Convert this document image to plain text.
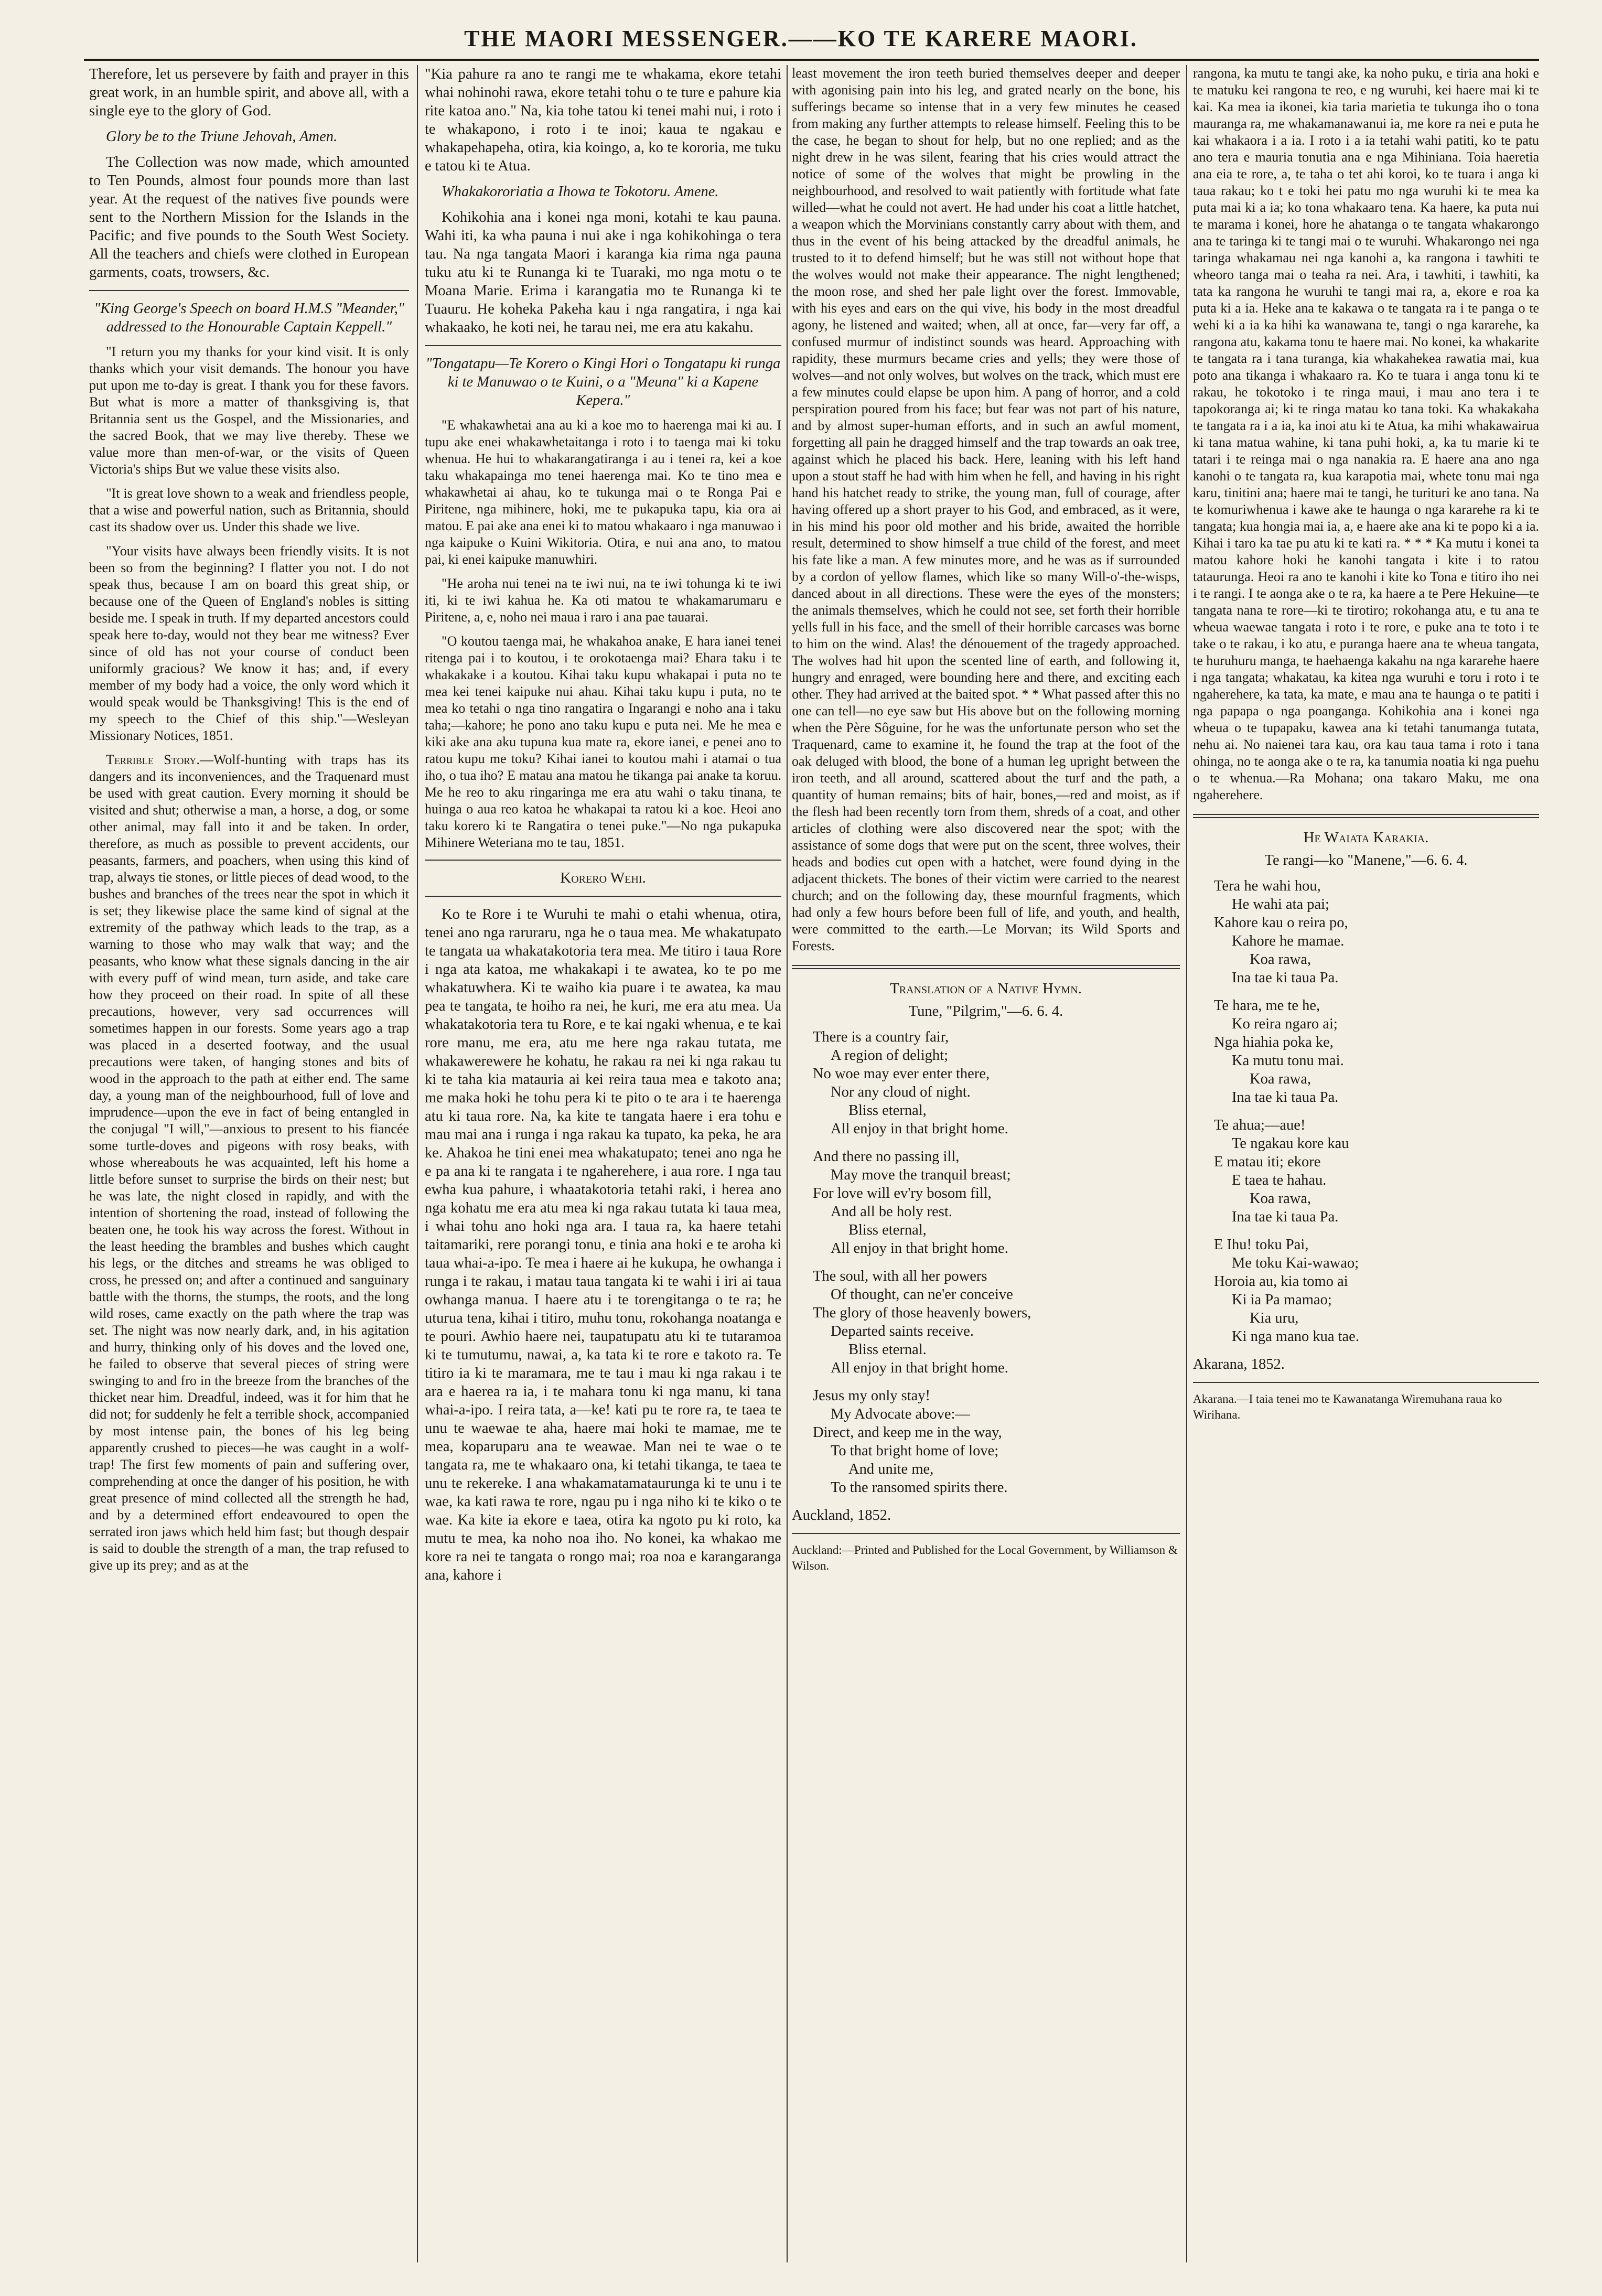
THE MAORI MESSENGER.——KO TE KARERE MAORI.

Therefore, let us persevere by faith and prayer in this great work, in an humble spirit, and above all, with a single eye to the glory of God.

Glory be to the Triune Jehovah, Amen.

The Collection was now made, which amounted to Ten Pounds, almost four pounds more than last year. At the request of the natives five pounds were sent to the Northern Mission for the Islands in the Pacific; and five pounds to the South West Society. All the teachers and chiefs were clothed in European garments, coats, trowsers, &c.

"King George's Speech on board H.M.S "Meander," addressed to the Honourable Captain Keppell."

"I return you my thanks for your kind visit. It is only thanks which your visit demands. The honour you have put upon me to-day is great. I thank you for these favors. But what is more a matter of thanksgiving is, that Britannia sent us the Gospel, and the Missionaries, and the sacred Book, that we may live thereby. These we value more than men-of-war, or the visits of Queen Victoria's ships But we value these visits also.

"It is great love shown to a weak and friendless people, that a wise and powerful nation, such as Britannia, should cast its shadow over us. Under this shade we live.

"Your visits have always been friendly visits. It is not been so from the beginning? I flatter you not. I do not speak thus, because I am on board this great ship, or because one of the Queen of England's nobles is sitting beside me. I speak in truth. If my departed ancestors could speak here to-day, would not they bear me witness? Ever since of old has not your course of conduct been uniformly gracious? We know it has; and, if every member of my body had a voice, the only word which it would speak would be Thanksgiving! This is the end of my speech to the Chief of this ship."—Wesleyan Missionary Notices, 1851.

Terrible Story.—Wolf-hunting with traps has its dangers and its inconveniences, and the Traquenard must be used with great caution. Every morning it should be visited and shut; otherwise a man, a horse, a dog, or some other animal, may fall into it and be taken. In order, therefore, as much as possible to prevent accidents, our peasants, farmers, and poachers, when using this kind of trap, always tie stones, or little pieces of dead wood, to the bushes and branches of the trees near the spot in which it is set; they likewise place the same kind of signal at the extremity of the pathway which leads to the trap, as a warning to those who may walk that way; and the peasants, who know what these signals dancing in the air with every puff of wind mean, turn aside, and take care how they proceed on their road. In spite of all these precautions, however, very sad occurrences will sometimes happen in our forests. Some years ago a trap was placed in a deserted footway, and the usual precautions were taken, of hanging stones and bits of wood in the approach to the path at either end. The same day, a young man of the neighbourhood, full of love and imprudence—upon the eve in fact of being entangled in the conjugal "I will,"—anxious to present to his fiancée some turtle-doves and pigeons with rosy beaks, with whose whereabouts he was acquainted, left his home a little before sunset to surprise the birds on their nest; but he was late, the night closed in rapidly, and with the intention of shortening the road, instead of following the beaten one, he took his way across the forest. Without in the least heeding the brambles and bushes which caught his legs, or the ditches and streams he was obliged to cross, he pressed on; and after a continued and sanguinary battle with the thorns, the stumps, the roots, and the long wild roses, came exactly on the path where the trap was set. The night was now nearly dark, and, in his agitation and hurry, thinking only of his doves and the loved one, he failed to observe that several pieces of string were swinging to and fro in the breeze from the branches of the thicket near him. Dreadful, indeed, was it for him that he did not; for suddenly he felt a terrible shock, accompanied by most intense pain, the bones of his leg being apparently crushed to pieces—he was caught in a wolf-trap! The first few moments of pain and suffering over, comprehending at once the danger of his position, he with great presence of mind collected all the strength he had, and by a determined effort endeavoured to open the serrated iron jaws which held him fast; but though despair is said to double the strength of a man, the trap refused to give up its prey; and as at the

"Kia pahure ra ano te rangi me te whakama, ekore tetahi whai nohinohi rawa, ekore tetahi tohu o te ture e pahure kia rite katoa ano." Na, kia tohe tatou ki tenei mahi nui, i roto i te whakapono, i roto i te inoi; kaua te ngakau e whakapehapeha, otira, kia koingo, a, ko te kororia, me tuku e tatou ki te Atua.

Whakakororiatia a Ihowa te Tokotoru. Amene.

Kohikohia ana i konei nga moni, kotahi te kau pauna. Wahi iti, ka wha pauna i nui ake i nga kohikohinga o tera tau. Na nga tangata Maori i karanga kia rima nga pauna tuku atu ki te Runanga ki te Tuaraki, mo nga motu o te Moana Marie. Erima i karangatia mo te Runanga ki te Tuauru. He koheka Pakeha kau i nga rangatira, i nga kai whakaako, he koti nei, he tarau nei, me era atu kakahu.

"Tongatapu—Te Korero o Kingi Hori o Tongatapu ki runga ki te Manuwao o te Kuini, o a "Meuna" ki a Kapene Kepera."

"E whakawhetai ana au ki a koe mo to haerenga mai ki au. I tupu ake enei whakawhetaitanga i roto i to taenga mai ki toku whenua. He hui to whakarangatiranga i au i tenei ra, kei a koe taku whakapainga mo tenei haerenga mai. Ko te tino mea e whakawhetai ai ahau, ko te tukunga mai o te Ronga Pai e Piritene, nga mihinere, hoki, me te pukapuka tapu, kia ora ai matou. E pai ake ana enei ki to matou whakaaro i nga manuwao i nga kaipuke o Kuini Wikitoria. Otira, e nui ana ano, to matou pai, ki enei kaipuke manuwhiri.

"He aroha nui tenei na te iwi nui, na te iwi tohunga ki te iwi iti, ki te iwi kahua he. Ka oti matou te whakamarumaru e Piritene, a, e, noho nei maua i raro i ana pae tauarai.

"O koutou taenga mai, he whakahoa anake, E hara ianei tenei ritenga pai i to koutou, i te orokotaenga mai? Ehara taku i te whakakake i a koutou. Kihai taku kupu whakapai i puta no te mea kei tenei kaipuke nui ahau. Kihai taku kupu i puta, no te mea ko tetahi o nga tino rangatira o Ingarangi e noho ana i taku taha;—kahore; he pono ano taku kupu e puta nei. Me he mea e kiki ake ana aku tupuna kua mate ra, ekore ianei, e penei ano to ratou kupu me toku? Kihai ianei to koutou mahi i atamai o tua iho, o tua iho? E matau ana matou he tikanga pai anake ta koruu. Me he reo to aku ringaringa me era atu wahi o taku tinana, te huinga o aua reo katoa he whakapai ta ratou ki a koe. Heoi ano taku korero ki te Rangatira o tenei puke."—No nga pukapuka Mihinere Weteriana mo te tau, 1851.

Korero Wehi.

Ko te Rore i te Wuruhi te mahi o etahi whenua, otira, tenei ano nga raruraru, nga he o taua mea. Me whakatupato te tangata ua whakatakotoria tera mea. Me titiro i taua Rore i nga ata katoa, me whakakapi i te awatea, ko te po me whakatuwhera. Ki te waiho kia puare i te awatea, ka mau pea te tangata, te hoiho ra nei, he kuri, me era atu mea. Ua whakatakotoria tera tu Rore, e te kai ngaki whenua, e te kai rore manu, me era, atu me here nga rakau tutata, me whakawerewere he kohatu, he rakau ra nei ki nga rakau tu ki te taha kia matauria ai kei reira taua mea e takoto ana; me maka hoki he tohu pera ki te pito o te ara i te haerenga atu ki taua rore. Na, ka kite te tangata haere i era tohu e mau mai ana i runga i nga rakau ka tupato, ka peka, he ara ke. Ahakoa he tini enei mea whakatupato; tenei ano nga he e pa ana ki te rangata i te ngaherehere, i aua rore. I nga tau ewha kua pahure, i whaatakotoria tetahi raki, i herea ano nga kohatu me era atu mea ki nga rakau tutata ki taua mea, i whai tohu ano hoki nga ara. I taua ra, ka haere tetahi taitamariki, rere porangi tonu, e tinia ana hoki e te aroha ki taua whai-a-ipo. Te mea i haere ai he kukupa, he owhanga i runga i te rakau, i matau taua tangata ki te wahi i iri ai taua owhanga manua. I haere atu i te torengitanga o te ra; he uturua tena, kihai i titiro, muhu tonu, rokohanga noatanga e te pouri. Awhio haere nei, taupatupatu atu ki te tutaramoa ki te tumutumu, nawai, a, ka tata ki te rore e takoto ra. Te titiro ia ki te maramara, me te tau i mau ki nga rakau i te ara e haerea ra ia, i te mahara tonu ki nga manu, ki tana whai-a-ipo. I reira tata, a—ke! kati pu te rore ra, te taea te unu te waewae te aha, haere mai hoki te mamae, me te mea, koparuparu ana te weawae. Man nei te wae o te tangata ra, me te whakaaro ona, ki tetahi tikanga, te taea te unu te rekereke. I ana whakamatamataurunga ki te unu i te wae, ka kati rawa te rore, ngau pu i nga niho ki te kiko o te wae. Ka kite ia ekore e taea, otira ka ngoto pu ki roto, ka mutu te mea, ka noho noa iho. No konei, ka whakao me kore ra nei te tangata o rongo mai; roa noa e karangaranga ana, kahore i

least movement the iron teeth buried themselves deeper and deeper with agonising pain into his leg, and grated nearly on the bone, his sufferings became so intense that in a very few minutes he ceased from making any further attempts to release himself. Feeling this to be the case, he began to shout for help, but no one replied; and as the night drew in he was silent, fearing that his cries would attract the notice of some of the wolves that might be prowling in the neighbourhood, and resolved to wait patiently with fortitude what fate willed—what he could not avert. He had under his coat a little hatchet, a weapon which the Morvinians constantly carry about with them, and thus in the event of his being attacked by the dreadful animals, he trusted to it to defend himself; but he was still not without hope that the wolves would not make their appearance. The night lengthened; the moon rose, and shed her pale light over the forest. Immovable, with his eyes and ears on the qui vive, his body in the most dreadful agony, he listened and waited; when, all at once, far—very far off, a confused murmur of indistinct sounds was heard. Approaching with rapidity, these murmurs became cries and yells; they were those of wolves—and not only wolves, but wolves on the track, which must ere a few minutes could elapse be upon him. A pang of horror, and a cold perspiration poured from his face; but fear was not part of his nature, and by almost super-human efforts, and in such an awful moment, forgetting all pain he dragged himself and the trap towards an oak tree, against which he placed his back. Here, leaning with his left hand upon a stout staff he had with him when he fell, and having in his right hand his hatchet ready to strike, the young man, full of courage, after having offered up a short prayer to his God, and embraced, as it were, in his mind his poor old mother and his bride, awaited the horrible result, determined to show himself a true child of the forest, and meet his fate like a man. A few minutes more, and he was as if surrounded by a cordon of yellow flames, which like so many Will-o'-the-wisps, danced about in all directions. These were the eyes of the monsters; the animals themselves, which he could not see, set forth their horrible yells full in his face, and the smell of their horrible carcases was borne to him on the wind. Alas! the dénouement of the tragedy approached. The wolves had hit upon the scented line of earth, and following it, hungry and enraged, were bounding here and there, and exciting each other. They had arrived at the baited spot. * * What passed after this no one can tell—no eye saw but His above but on the following morning when the Père Sôguine, for he was the unfortunate person who set the Traquenard, came to examine it, he found the trap at the foot of the oak deluged with blood, the bone of a human leg upright between the iron teeth, and all around, scattered about the turf and the path, a quantity of human remains; bits of hair, bones,—red and moist, as if the flesh had been recently torn from them, shreds of a coat, and other articles of clothing were also discovered near the spot; with the assistance of some dogs that were put on the scent, three wolves, their heads and bodies cut open with a hatchet, were found dying in the adjacent thickets. The bones of their victim were carried to the nearest church; and on the following day, these mournful fragments, which had only a few hours before been full of life, and youth, and health, were committed to the earth.—Le Morvan; its Wild Sports and Forests.

Translation of a Native Hymn.

Tune, "Pilgrim,"—6. 6. 4.

There is a country fair,
A region of delight;
No woe may ever enter there,
Nor any cloud of night.
Bliss eternal,
All enjoy in that bright home.
And there no passing ill,
May move the tranquil breast;
For love will ev'ry bosom fill,
And all be holy rest.
Bliss eternal,
All enjoy in that bright home.
The soul, with all her powers
Of thought, can ne'er conceive
The glory of those heavenly bowers,
Departed saints receive.
Bliss eternal.
All enjoy in that bright home.
Jesus my only stay!
My Advocate above:—
Direct, and keep me in the way,
To that bright home of love;
And unite me,
To the ransomed spirits there.

Auckland, 1852.

Auckland:—Printed and Published for the Local Government, by Williamson & Wilson.

rangona, ka mutu te tangi ake, ka noho puku, e tiria ana hoki e te matuku kei rangona te reo, e ng wuruhi, kei haere mai ki te kai. Ka mea ia ikonei, kia taria marietia te tukunga iho o tona mauranga ra, me whakamanawanui ia, me kore ra nei e puta he kai whakaora i a ia. I roto i a ia tetahi wahi patiti, ko te patu ano tera e mauria tonutia ana e nga Mihiniana. Toia haeretia ana eia te rore, a, te taha o tet ahi koroi, ko te tuara i anga ki taua rakau; ko t e toki hei patu mo nga wuruhi ki te mea ka puta mai ki a ia; ko tona whakaaro tena. Ka haere, ka puta nui te marama i konei, hore he ahatanga o te tangata whakarongo ana te taringa ki te tangi mai o te wuruhi. Whakarongo nei nga taringa whakamau nei nga kanohi a, ka rangona i tawhiti te wheoro tanga mai o teaha ra nei. Ara, i tawhiti, i tawhiti, ka tata ka rangona he wuruhi te tangi mai ra, a, ekore e roa ka puta ki a ia. Heke ana te kakawa o te tangata ra i te panga o te wehi ki a ia ka hihi ka wanawana te, tangi o nga kararehe, ka rangona atu, kakama tonu te haere mai. No konei, ka whakarite te tangata ra i tana turanga, kia whakahekea rawatia mai, kua poto ana tikanga i whakaaro ra. Ko te tuara i anga tonu ki te rakau, he tokotoko i te ringa maui, i mau ano tera i te tapokoranga ai; ki te ringa matau ko tana toki. Ka whakakaha te tangata ra i a ia, ka inoi atu ki te Atua, ka mihi whakawairua ki tana matua wahine, ki tana puhi hoki, a, ka tu marie ki te tatari i te reinga mai o nga nanakia ra. E haere ana ano nga kanohi o te tangata ra, kua karapotia mai, whete tonu mai nga karu, tinitini ana; haere mai te tangi, he turituri ke ano tana. Na te komuriwhenua i kawe ake te haunga o nga kararehe ra ki te tangata; kua hongia mai ia, a, e haere ake ana ki te popo ki a ia. Kihai i taro ka tae pu atu ki te kati ra. * * * Ka mutu i konei ta matou kahore hoki he kanohi tangata i kite i to ratou tataurunga. Heoi ra ano te kanohi i kite ko Tona e titiro iho nei i te rangi. I te aonga ake o te ra, ka haere a te Pere Hekuine—te tangata nana te rore—ki te tirotiro; rokohanga atu, e tu ana te wheua waewae tangata i roto i te rore, e puke ana te toto i te take o te rakau, i ko atu, e puranga haere ana te wheua tangata, te huruhuru manga, te haehaenga kakahu na nga kararehe haere i nga tangata; whakatau, ka kitea nga wuruhi e toru i roto i te ngaherehere, ka tata, ka mate, e mau ana te haunga o te patiti i nga papapa o nga poanganga. Kohikohia ana i konei nga wheua o te tupapaku, kawea ana ki tetahi tanumanga tutata, nehu ai. No naienei tara kau, ora kau taua tama i roto i tana ohinga, no te aonga ake o te ra, ka tanumia noatia ki nga puehu o te whenua.—Ra Mohana; ona takaro Maku, me ona ngaherehere.

He Waiata Karakia.

Te rangi—ko "Manene,"—6. 6. 4.

Tera he wahi hou,
He wahi ata pai;
Kahore kau o reira po,
Kahore he mamae.
Koa rawa,
Ina tae ki taua Pa.
Te hara, me te he,
Ko reira ngaro ai;
Nga hiahia poka ke,
Ka mutu tonu mai.
Koa rawa,
Ina tae ki taua Pa.
Te ahua;—aue!
Te ngakau kore kau
E matau iti; ekore
E taea te hahau.
Koa rawa,
Ina tae ki taua Pa.
E Ihu! toku Pai,
Me toku Kai-wawao;
Horoia au, kia tomo ai
Ki ia Pa mamao;
Kia uru,
Ki nga mano kua tae.

Akarana, 1852.

Akarana.—I taia tenei mo te Kawanatanga Wiremuhana raua ko Wirihana.
